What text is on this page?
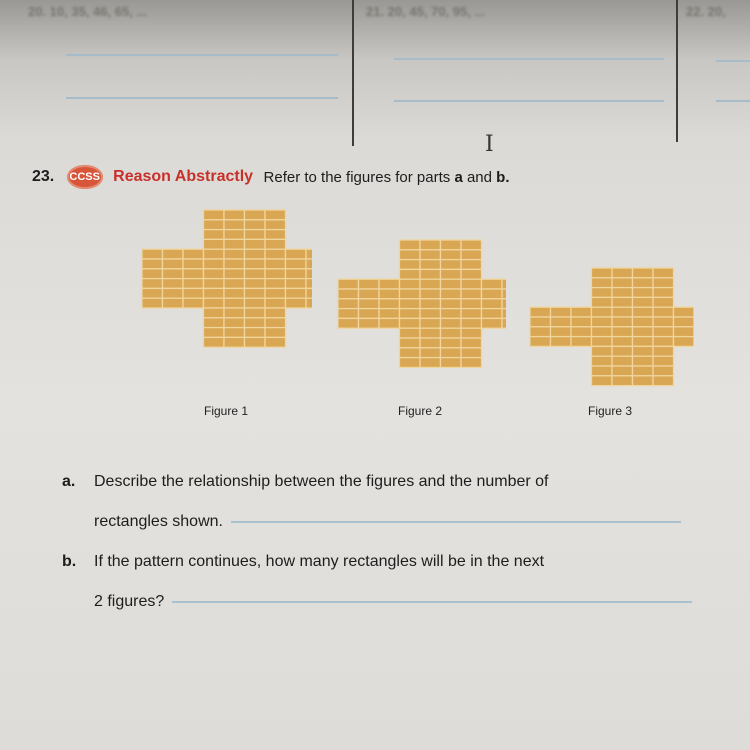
20. 10, 35, 46, 65, ...	21. 20, 45, 70, 95, ...	22. 20,
I
23. CCSS Reason Abstractly Refer to the figures for parts a and b.
Figure 1	Figure 2	Figure 3
a.	Describe the relationship between the figures and the number of
rectangles shown.
b.	If the pattern continues, how many rectangles will be in the next
2 figures?
